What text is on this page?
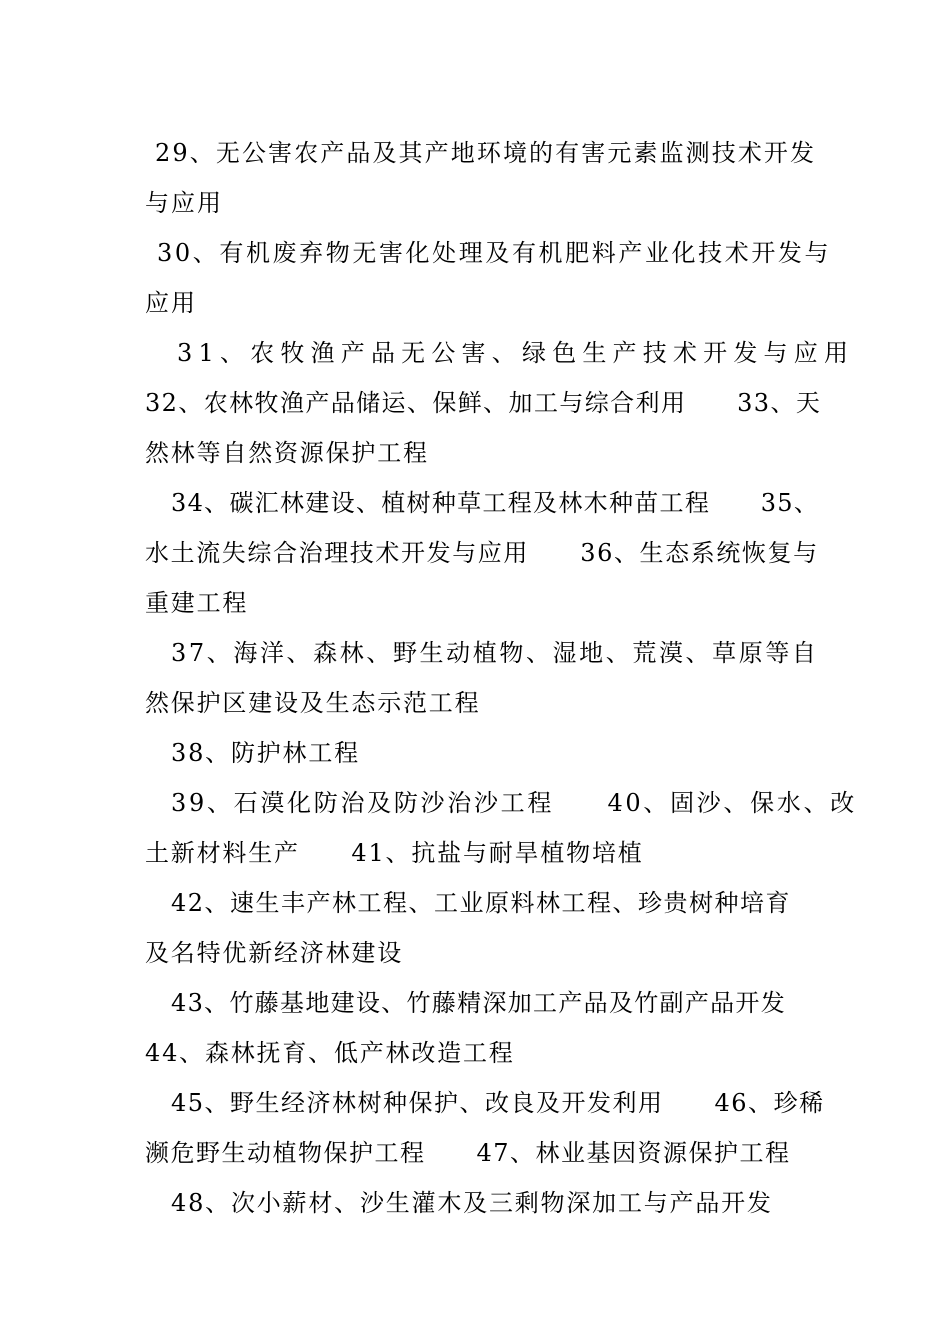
29、无公害农产品及其产地环境的有害元素监测技术开发
与应用
30、有机废弃物无害化处理及有机肥料产业化技术开发与
应用
31、农牧渔产品无公害、绿色生产技术开发与应用
32、农林牧渔产品储运、保鲜、加工与综合利用　　33、天
然林等自然资源保护工程
34、碳汇林建设、植树种草工程及林木种苗工程　　35、
水土流失综合治理技术开发与应用　　36、生态系统恢复与
重建工程
37、海洋、森林、野生动植物、湿地、荒漠、草原等自
然保护区建设及生态示范工程
38、防护林工程
39、石漠化防治及防沙治沙工程　　40、固沙、保水、改
土新材料生产　　41、抗盐与耐旱植物培植
42、速生丰产林工程、工业原料林工程、珍贵树种培育
及名特优新经济林建设
43、竹藤基地建设、竹藤精深加工产品及竹副产品开发
44、森林抚育、低产林改造工程
45、野生经济林树种保护、改良及开发利用　　46、珍稀
濒危野生动植物保护工程　　47、林业基因资源保护工程
48、次小薪材、沙生灌木及三剩物深加工与产品开发
